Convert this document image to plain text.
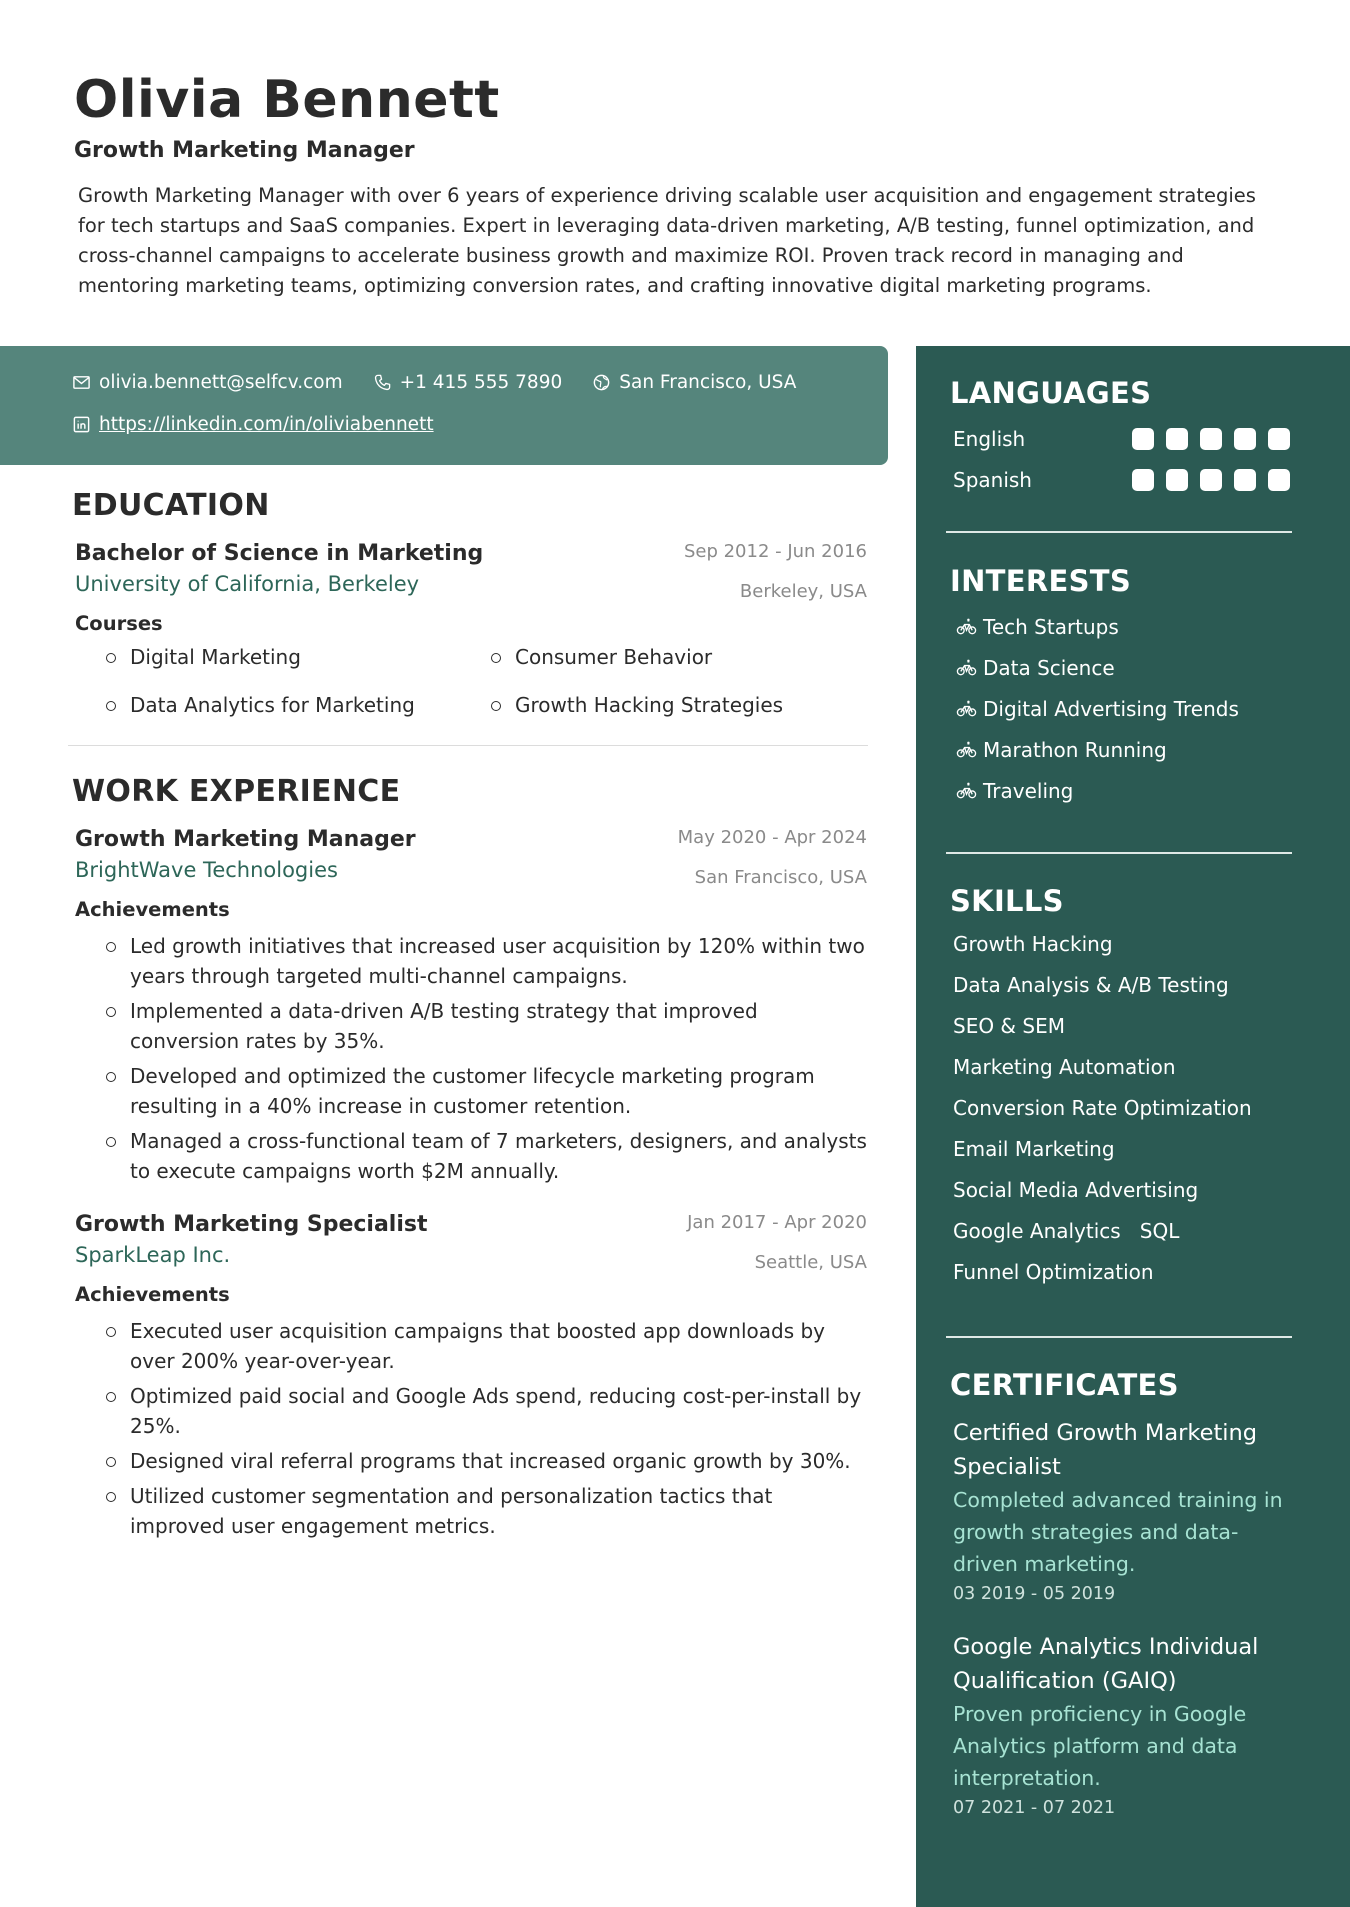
Olivia Bennett
Growth Marketing Manager
Growth Marketing Manager with over 6 years of experience driving scalable user acquisition and engagement strategies for tech startups and SaaS companies. Expert in leveraging data-driven marketing, A/B testing, funnel optimization, and cross-channel campaigns to accelerate business growth and maximize ROI. Proven track record in managing and mentoring marketing teams, optimizing conversion rates, and crafting innovative digital marketing programs.
olivia.bennett@selfcv.com	+1 415 555 7890	San Francisco, USA
https://linkedin.com/in/oliviabennett
EDUCATION
Bachelor of Science in Marketing
University of California, Berkeley
Sep 2012 - Jun 2016
Berkeley, USA
Courses
Digital Marketing	Consumer Behavior
Data Analytics for Marketing	Growth Hacking Strategies
WORK EXPERIENCE
Growth Marketing Manager
BrightWave Technologies
May 2020 - Apr 2024
San Francisco, USA
Achievements
Led growth initiatives that increased user acquisition by 120% within two years through targeted multi-channel campaigns.
Implemented a data-driven A/B testing strategy that improved conversion rates by 35%.
Developed and optimized the customer lifecycle marketing program resulting in a 40% increase in customer retention.
Managed a cross-functional team of 7 marketers, designers, and analysts to execute campaigns worth $2M annually.
Growth Marketing Specialist
SparkLeap Inc.
Jan 2017 - Apr 2020
Seattle, USA
Achievements
Executed user acquisition campaigns that boosted app downloads by over 200% year-over-year.
Optimized paid social and Google Ads spend, reducing cost-per-install by 25%.
Designed viral referral programs that increased organic growth by 30%.
Utilized customer segmentation and personalization tactics that improved user engagement metrics.
LANGUAGES
English
Spanish
INTERESTS
Tech Startups
Data Science
Digital Advertising Trends
Marathon Running
Traveling
SKILLS
Growth Hacking
Data Analysis & A/B Testing
SEO & SEM
Marketing Automation
Conversion Rate Optimization
Email Marketing
Social Media Advertising
Google Analytics   SQL
Funnel Optimization
CERTIFICATES
Certified Growth Marketing Specialist
Completed advanced training in growth strategies and data-driven marketing.
03 2019 - 05 2019
Google Analytics Individual Qualification (GAIQ)
Proven proficiency in Google Analytics platform and data interpretation.
07 2021 - 07 2021
